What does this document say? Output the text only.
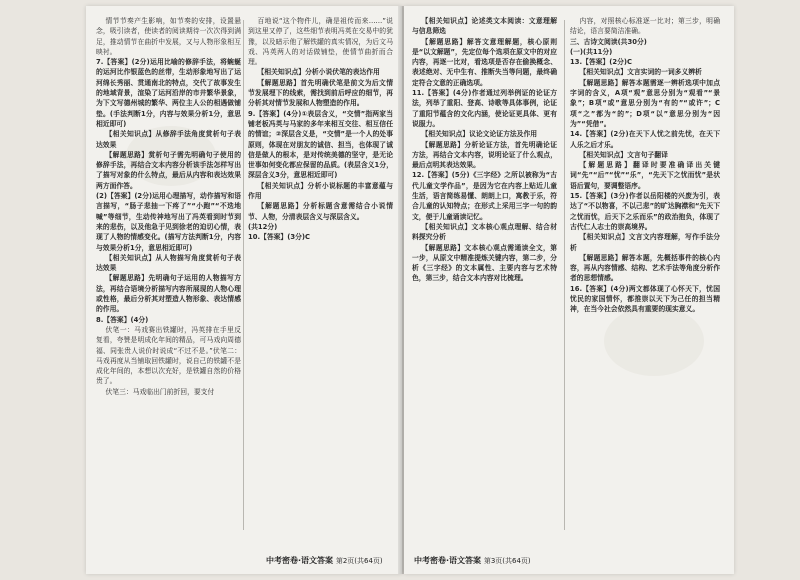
情节节奏产生影响，如节奏的安排，设置悬念，吸引读者，使读者的阅读期待一次次得到满足，推动情节在曲折中发展，又与人物形象相互映衬。

7.【答案】(2分)运用比喻的修辞手法，将蜿蜒的运河比作银蓝色的丝带，生动形象地写出了运河绵长秀丽、贯通南北的特点，交代了故事发生的地域背景，渲染了运河沿岸的市井繁华景象，为下文写德州城的繁华、两位主人公的相遇做铺垫。(手法判断1分，内容与效果分析1分，意思相近即可)

【相关知识点】从修辞手法角度赏析句子表达效果

【解题思路】赏析句子需先明确句子使用的修辞手法，再结合文本内容分析该手法怎样写出了描写对象的什么特点，最后从内容和表达效果两方面作答。

(2)【答案】(2分)运用心理描写，动作描写和语言描写，“肠子悲抽一下疼了”“小跑”“不迭地喊”等细节，生动传神地写出了冯英看到时节到来的悲伤，以及他急于见到徐老的迫切心情，表现了人物的情感变化。(描写方法判断1分，内容与效果分析1分，意思相近即可)

【相关知识点】从人物描写角度赏析句子表达效果

【解题思路】先明确句子运用的人物描写方法，再结合语境分析描写内容所展现的人物心理或性格，最后分析其对塑造人物形象、表达情感的作用。

8.【答案】(4分)

伏笔一：马戏赛出铁罐时，冯英排在手里反复看，夸赞是明成化年间的精品，可马戏向周德福、同张贵人说价时说成“不过不是。”伏笔二：马戏再度从当铺取回铁罐时，说自己的铁罐不是成化年间的，本想以次充好，是铁罐自然的价格贵了。

伏笔三：马戏临出门前折回，要支付

百地说“这个物件儿，确是祖传而来……”说到这里又停了，这些细节表明冯英在交易中的犹豫，以及暗示他了解铁罐的真实情况，为后文马戏、冯英两人的对话做铺垫，使情节曲折而合理。

【相关知识点】分析小说伏笔的表达作用

【解题思路】首先明确伏笔是前文为后文情节发展埋下的线索，需找到前后呼应的细节，再分析其对情节发展和人物塑造的作用。

9.【答案】(4分)①表层含义，“交情”指两家当铺老板冯英与马家的多年来相互交往、相互信任的情谊；②深层含义是，“交情”是一个人的处事原则，体现在对朋友的诚信、担当，也体现了诚信是做人的根本，是对传统美德的坚守，是无论世事如何变化都应保留的品质。(表层含义1分，深层含义3分，意思相近即可)

【相关知识点】分析小说标题的丰富意蕴与作用

【解题思路】分析标题含意需结合小说情节、人物，分清表层含义与深层含义。

(共12分)

10.【答案】(3分)C

中考密卷·语文答案 第2页(共64页)

【相关知识点】论述类文本阅读：文意理解与信息筛选

【解题思路】解答文意理解题，核心原则是“以文解题”，先定位每个选项在原文中的对应内容，再逐一比对，看选项是否存在偷换概念、表述绝对、无中生有、推断失当等问题，最终确定符合文意的正确选项。

11.【答案】(4分)作者通过列举例证的论证方法，列举了重阳、登高、诗歌等具体事例，论证了重阳节蕴含的文化内涵，使论证更具体、更有说服力。

【相关知识点】议论文论证方法及作用

【解题思路】分析论证方法，首先明确论证方法，再结合文本内容，说明论证了什么观点，最后点明其表达效果。

12.【答案】(5分)《三字经》之所以被称为“古代儿童文学作品”，是因为它在内容上贴近儿童生活，语言简练易懂、朗朗上口，寓教于乐，符合儿童的认知特点；在形式上采用三字一句的韵文，便于儿童诵读记忆。

【相关知识点】文本核心观点理解、结合材料探究分析

【解题思路】文本核心观点需通读全文，第一步，从原文中精准提炼关键内容，第二步，分析《三字经》的文本属性、主要内容与艺术特色，第三步，结合文本内容对比梳理。

内容，对照核心标准逐一比对；第三步，明确结论，语言要简洁准确。

三、古诗文阅读(共30分)

(一)(共11分)

13.【答案】(2分)C

【相关知识点】文言实词的一词多义辨析

【解题思路】解答本题需逐一辨析选项中加点字词的含义，A项“观”意思分别为“观看”“景象”；B项“或”意思分别为“有的”“或许”；C项“之”都为“的”；D项“以”意思分别为“因为”“凭借”。

14.【答案】(2分)在天下人忧之前先忧，在天下人乐之后才乐。

【相关知识点】文言句子翻译

【解题思路】翻译时要准确译出关键词“先”“后”“忧”“乐”，“先天下之忧而忧”是状语后置句，要调整语序。

15.【答案】(3分)作者以岳阳楼的兴废为引，表达了“不以物喜，不以己悲”的旷达胸襟和“先天下之忧而忧，后天下之乐而乐”的政治抱负，体现了古代仁人志士的崇高境界。

【相关知识点】文言文内容理解，写作手法分析

【解题思路】解答本题，先概括事件的核心内容，再从内容情感、结构、艺术手法等角度分析作者的思想情感。

16.【答案】(4分)两文都体现了心怀天下，忧国忧民的家国情怀，都推崇以天下为己任的担当精神，在当今社会依然具有重要的现实意义。

中考密卷·语文答案 第3页(共64页)
